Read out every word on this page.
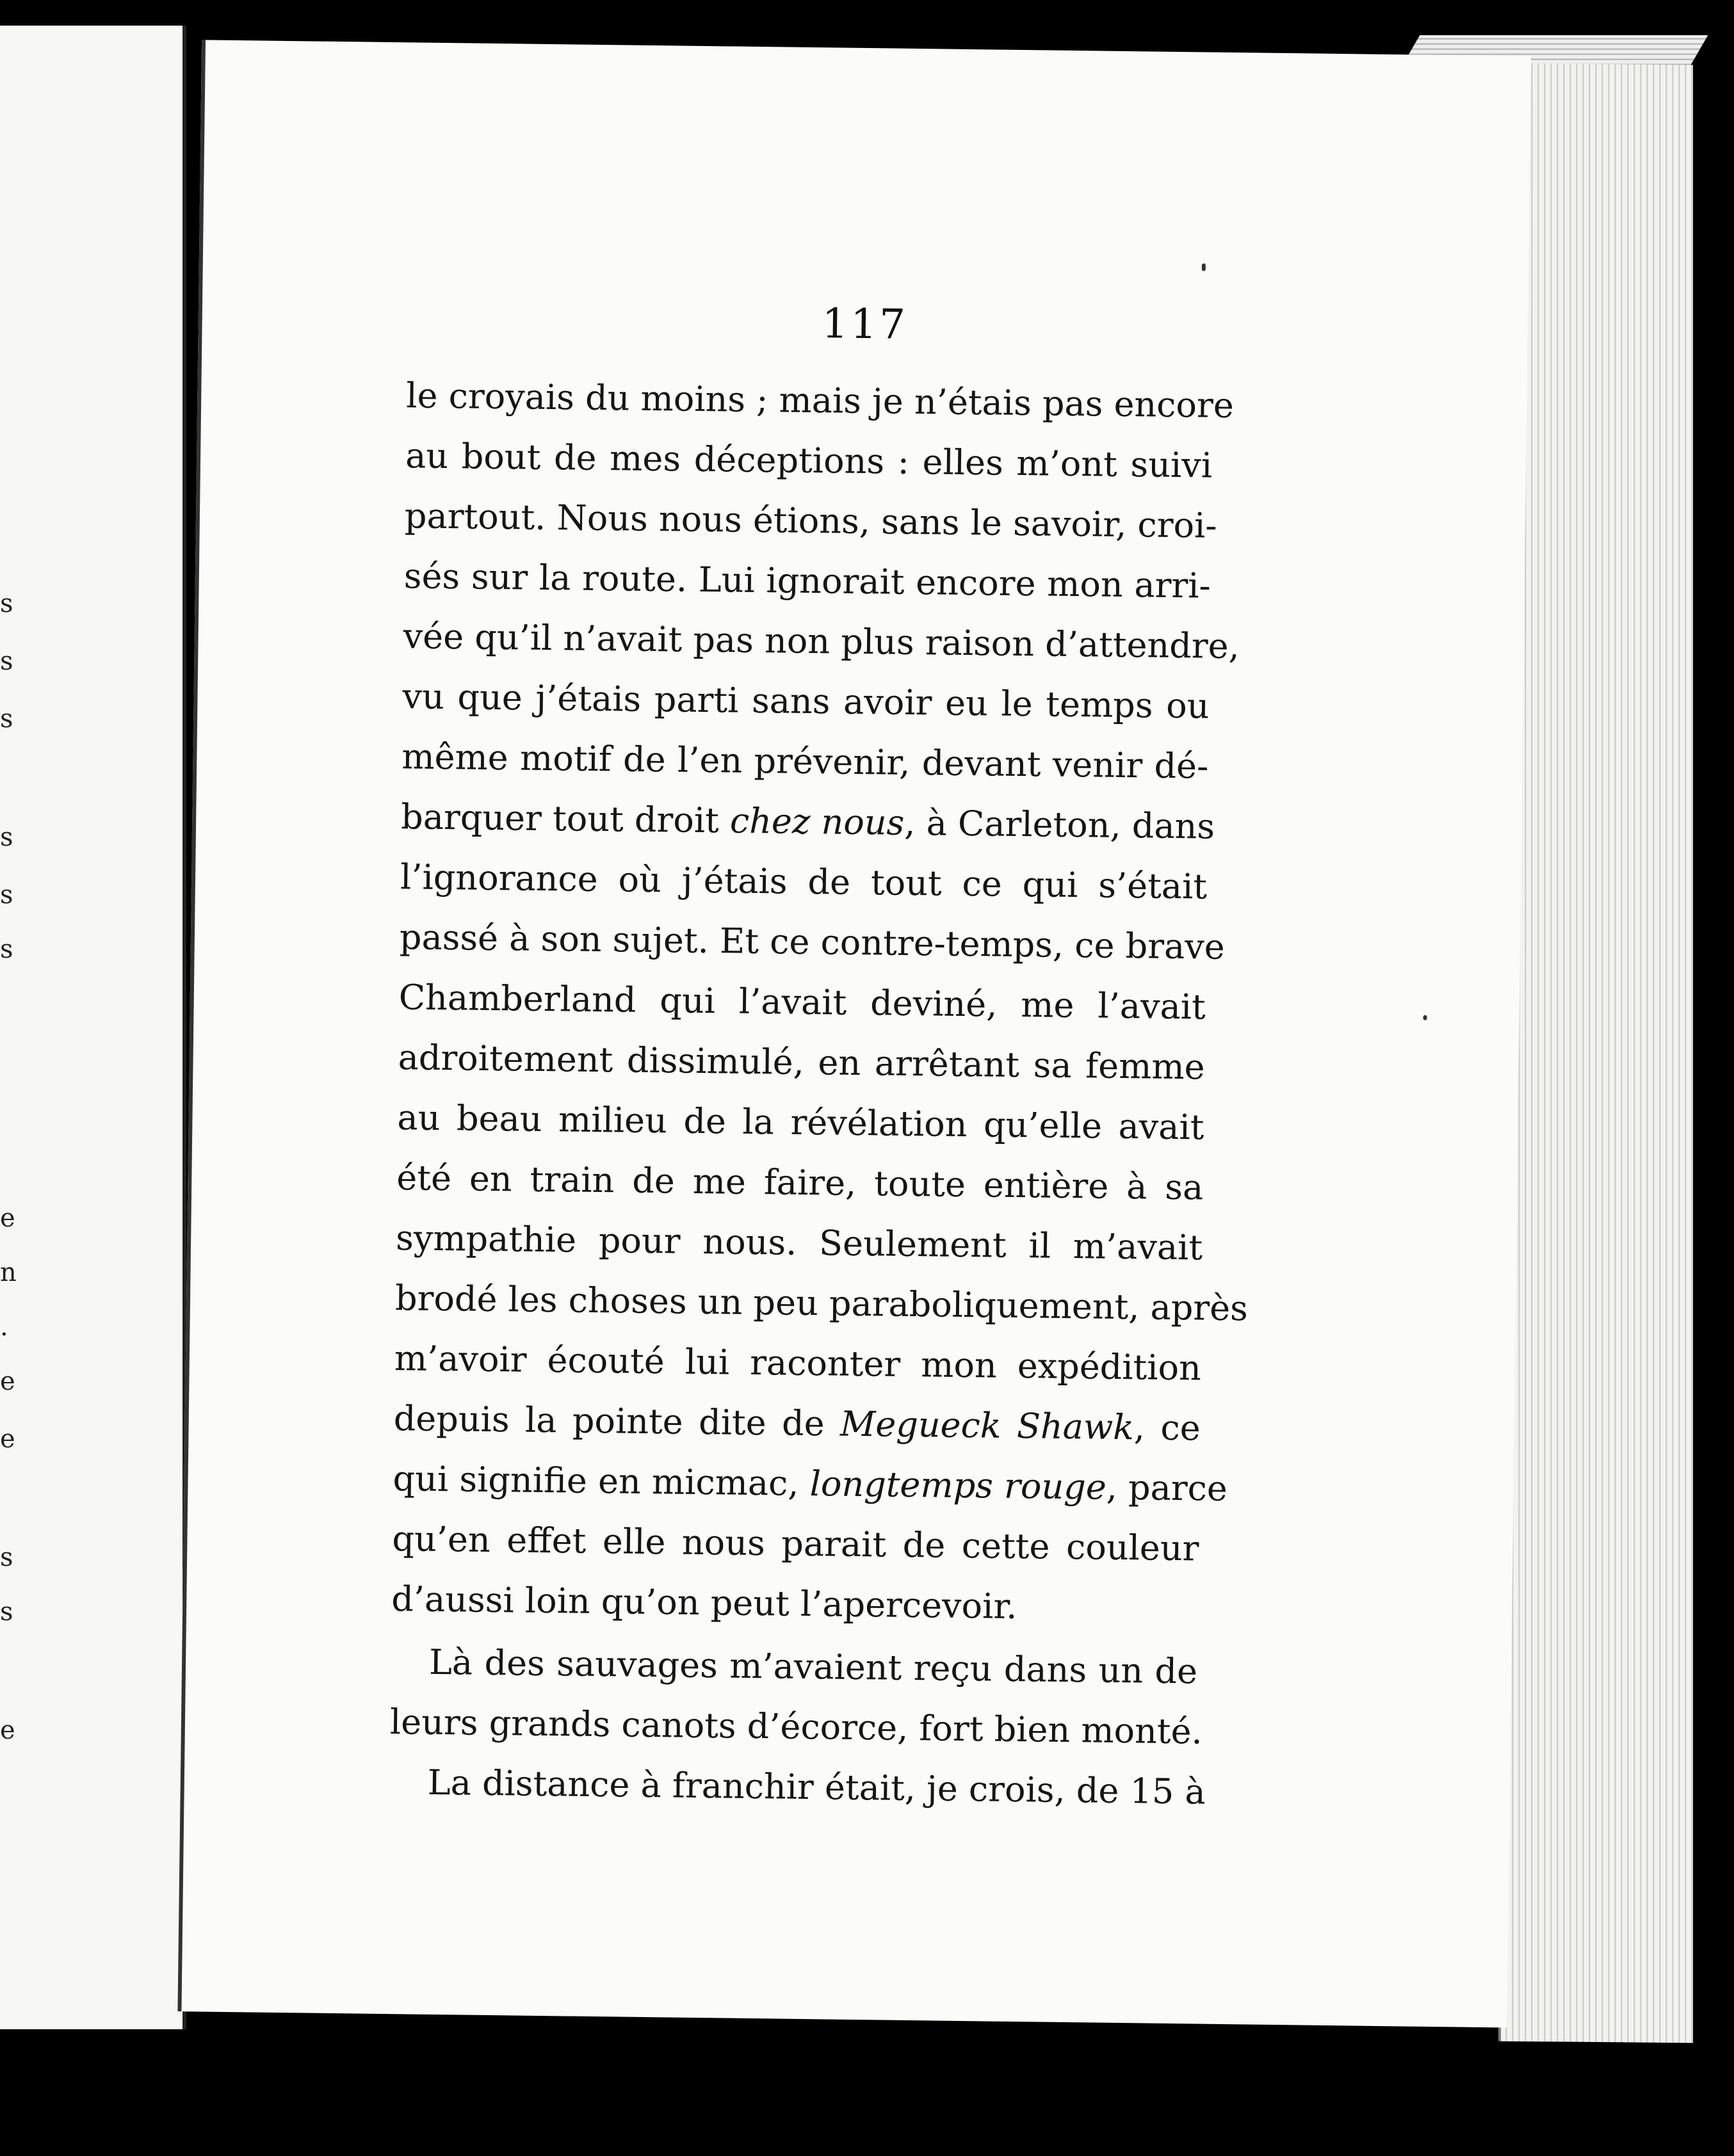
s
s
s
s
s
s
e
n
.
e
e
s
s
e
117
le croyais du moins ; mais je n’étais pas encore
au bout de mes déceptions : elles m’ont suivi
partout. Nous nous étions, sans le savoir, croi-
sés sur la route. Lui ignorait encore mon arri-
vée qu’il n’avait pas non plus raison d’attendre,
vu que j’étais parti sans avoir eu le temps ou
même motif de l’en prévenir, devant venir dé-
barquer tout droit chez nous, à Carleton, dans
l’ignorance où j’étais de tout ce qui s’était
passé à son sujet. Et ce contre-temps, ce brave
Chamberland qui l’avait deviné, me l’avait
adroitement dissimulé, en arrêtant sa femme
au beau milieu de la révélation qu’elle avait
été en train de me faire, toute entière à sa
sympathie pour nous. Seulement il m’avait
brodé les choses un peu paraboliquement, après
m’avoir écouté lui raconter mon expédition
depuis la pointe dite de Megueck Shawk, ce
qui signifie en micmac, longtemps rouge, parce
qu’en effet elle nous parait de cette couleur
d’aussi loin qu’on peut l’apercevoir.
Là des sauvages m’avaient reçu dans un de
leurs grands canots d’écorce, fort bien monté.
La distance à franchir était, je crois, de 15 à
